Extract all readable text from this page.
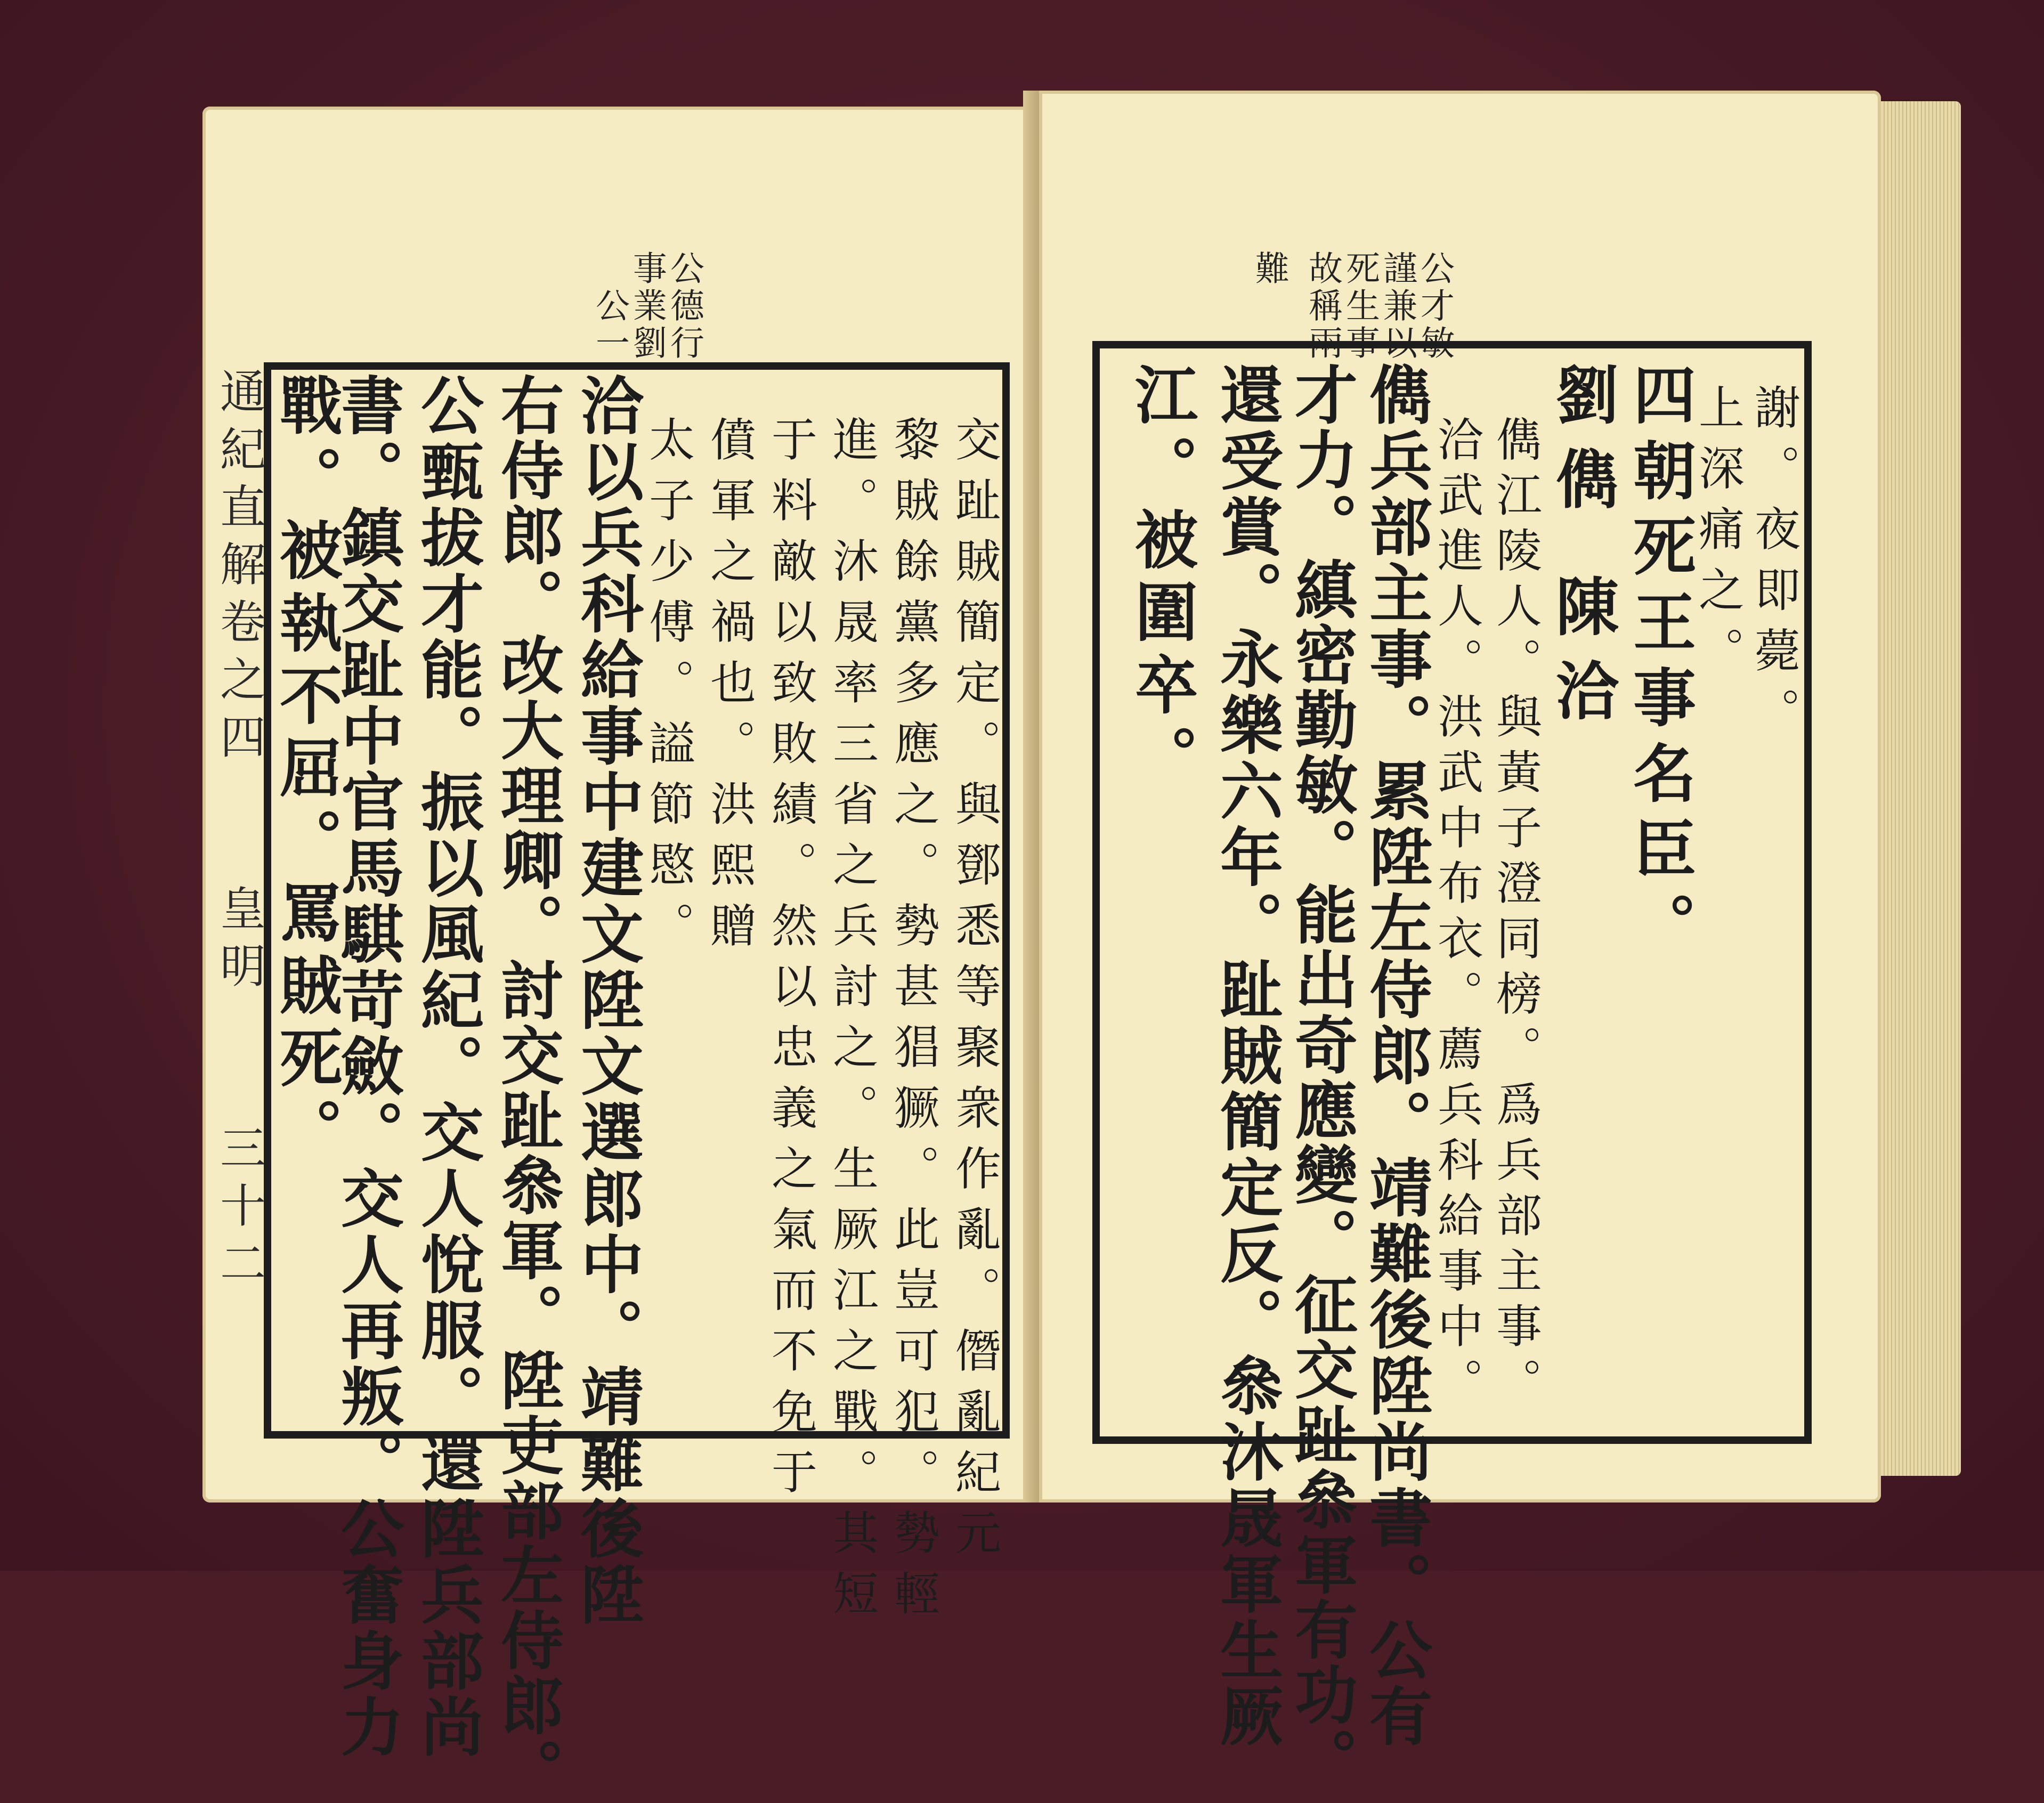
通紀直解卷之四
皇明
三十二
公德行
事業劉
公一
交趾賊簡定。與鄧悉等聚衆作亂。僭亂紀元
黎賊餘黨多應之。勢甚猖獗。此豈可犯。勢輕
進。沐晟率三省之兵討之。生厥江之戰。其短
于料敵以致敗績。然以忠義之氣而不免于
僨軍之禍也。洪熙贈
太子少傅。謚節愍。
洽以兵科給事中建文陞文選郎中。靖難後陞
右侍郎。改大理卿。討交趾叅軍。陞吏部左侍郎。
公甄拔才能。振以風紀。交人悅服。還陞兵部尚
書。鎮交趾中官馬騏苛斂。交人再叛。公奮身力
戰。被執不屈。罵賊死。
公才敏
謹兼以
死生事
故稱兩
難
謝。夜即薨。
上深痛之。
四朝死王事名臣。
劉儁 陳洽
儁江陵人。與黃子澄同榜。爲兵部主事。
洽武進人。洪武中布衣。薦兵科給事中。
儁兵部主事。累陞左侍郎。靖難後陞尚書。公有
才力。縝密勤敏。能出奇應變。征交趾叅軍有功。
還受賞。永樂六年。趾賊簡定反。叅沐晟軍生厥
江。被圍卒。
